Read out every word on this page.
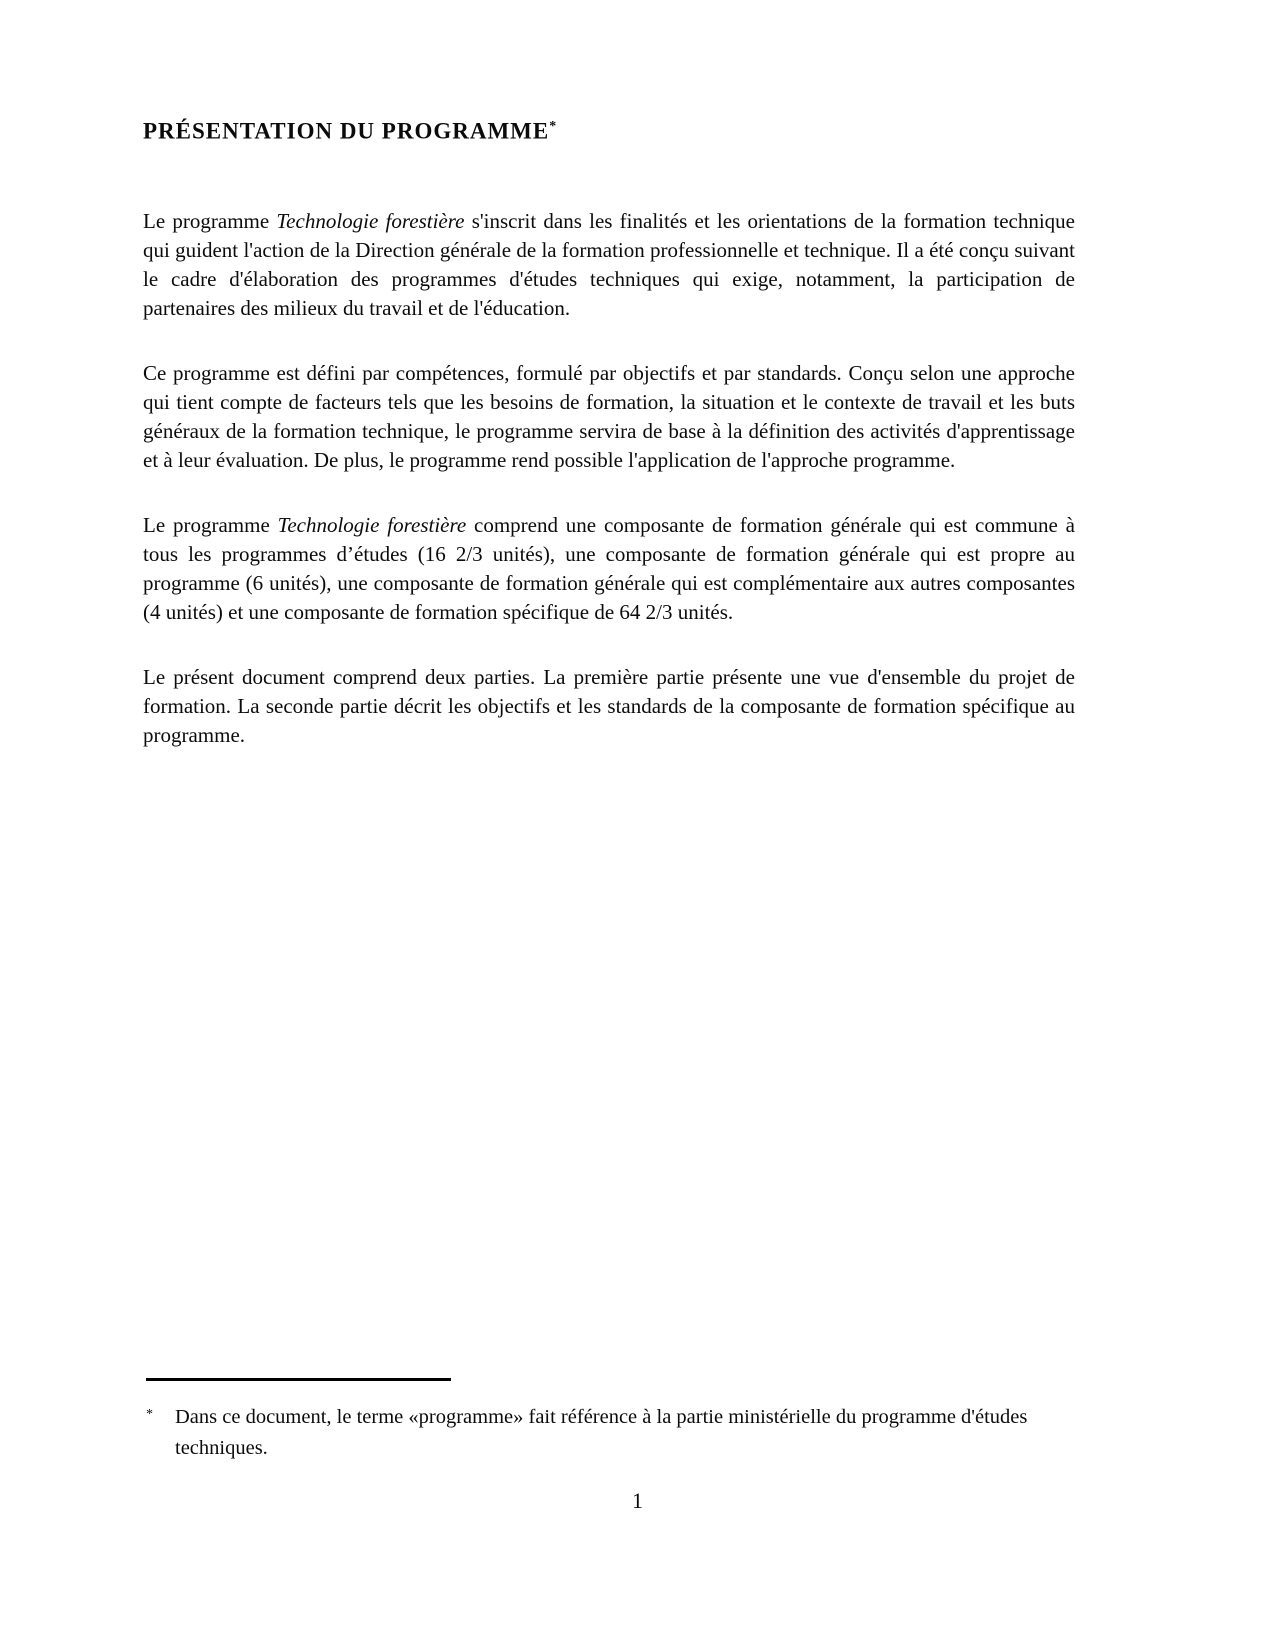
PRÉSENTATION DU PROGRAMME*

Le programme Technologie forestière s'inscrit dans les finalités et les orientations de la formation technique qui guident l'action de la Direction générale de la formation professionnelle et technique. Il a été conçu suivant le cadre d'élaboration des programmes d'études techniques qui exige, notamment, la participation de partenaires des milieux du travail et de l'éducation.

Ce programme est défini par compétences, formulé par objectifs et par standards. Conçu selon une approche qui tient compte de facteurs tels que les besoins de formation, la situation et le contexte de travail et les buts généraux de la formation technique, le programme servira de base à la définition des activités d'apprentissage et à leur évaluation. De plus, le programme rend possible l'application de l'approche programme.

Le programme Technologie forestière comprend une composante de formation générale qui est commune à tous les programmes d’études (16 2/3 unités), une composante de formation générale qui est propre au programme (6 unités), une composante de formation générale qui est complémentaire aux autres composantes (4 unités) et une composante de formation spécifique de 64 2/3 unités.

Le présent document comprend deux parties. La première partie présente une vue d'ensemble du projet de formation. La seconde partie décrit les objectifs et les standards de la composante de formation spécifique au programme.

*	Dans ce document, le terme «programme» fait référence à la partie ministérielle du programme d'études techniques.
1
